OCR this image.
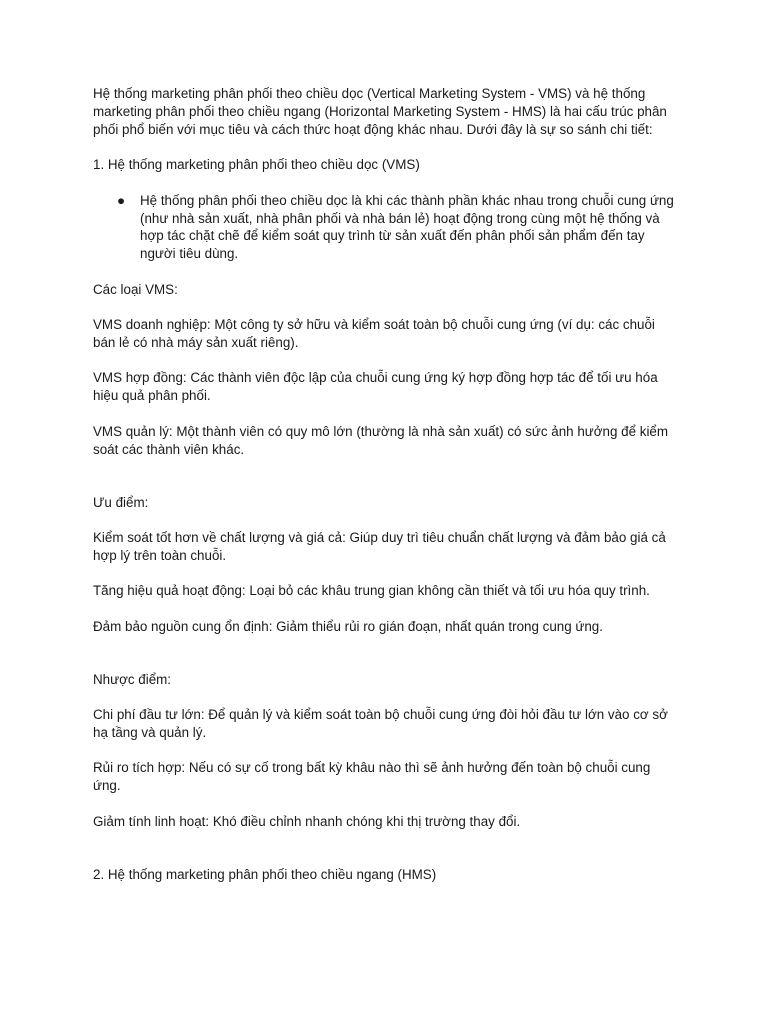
Hệ thống marketing phân phối theo chiều dọc (Vertical Marketing System - VMS) và hệ thống marketing phân phối theo chiều ngang (Horizontal Marketing System - HMS) là hai cấu trúc phân phối phổ biến với mục tiêu và cách thức hoạt động khác nhau. Dưới đây là sự so sánh chi tiết:

1. Hệ thống marketing phân phối theo chiều dọc (VMS)

● Hệ thống phân phối theo chiều dọc là khi các thành phần khác nhau trong chuỗi cung ứng (như nhà sản xuất, nhà phân phối và nhà bán lẻ) hoạt động trong cùng một hệ thống và hợp tác chặt chẽ để kiểm soát quy trình từ sản xuất đến phân phối sản phẩm đến tay người tiêu dùng.

Các loại VMS:

VMS doanh nghiệp: Một công ty sở hữu và kiểm soát toàn bộ chuỗi cung ứng (ví dụ: các chuỗi bán lẻ có nhà máy sản xuất riêng).

VMS hợp đồng: Các thành viên độc lập của chuỗi cung ứng ký hợp đồng hợp tác để tối ưu hóa hiệu quả phân phối.

VMS quản lý: Một thành viên có quy mô lớn (thường là nhà sản xuất) có sức ảnh hưởng để kiểm soát các thành viên khác.

Ưu điểm:

Kiểm soát tốt hơn về chất lượng và giá cả: Giúp duy trì tiêu chuẩn chất lượng và đảm bảo giá cả hợp lý trên toàn chuỗi.

Tăng hiệu quả hoạt động: Loại bỏ các khâu trung gian không cần thiết và tối ưu hóa quy trình.

Đảm bảo nguồn cung ổn định: Giảm thiểu rủi ro gián đoạn, nhất quán trong cung ứng.

Nhược điểm:

Chi phí đầu tư lớn: Để quản lý và kiểm soát toàn bộ chuỗi cung ứng đòi hỏi đầu tư lớn vào cơ sở hạ tầng và quản lý.

Rủi ro tích hợp: Nếu có sự cố trong bất kỳ khâu nào thì sẽ ảnh hưởng đến toàn bộ chuỗi cung ứng.

Giảm tính linh hoạt: Khó điều chỉnh nhanh chóng khi thị trường thay đổi.

2. Hệ thống marketing phân phối theo chiều ngang (HMS)
